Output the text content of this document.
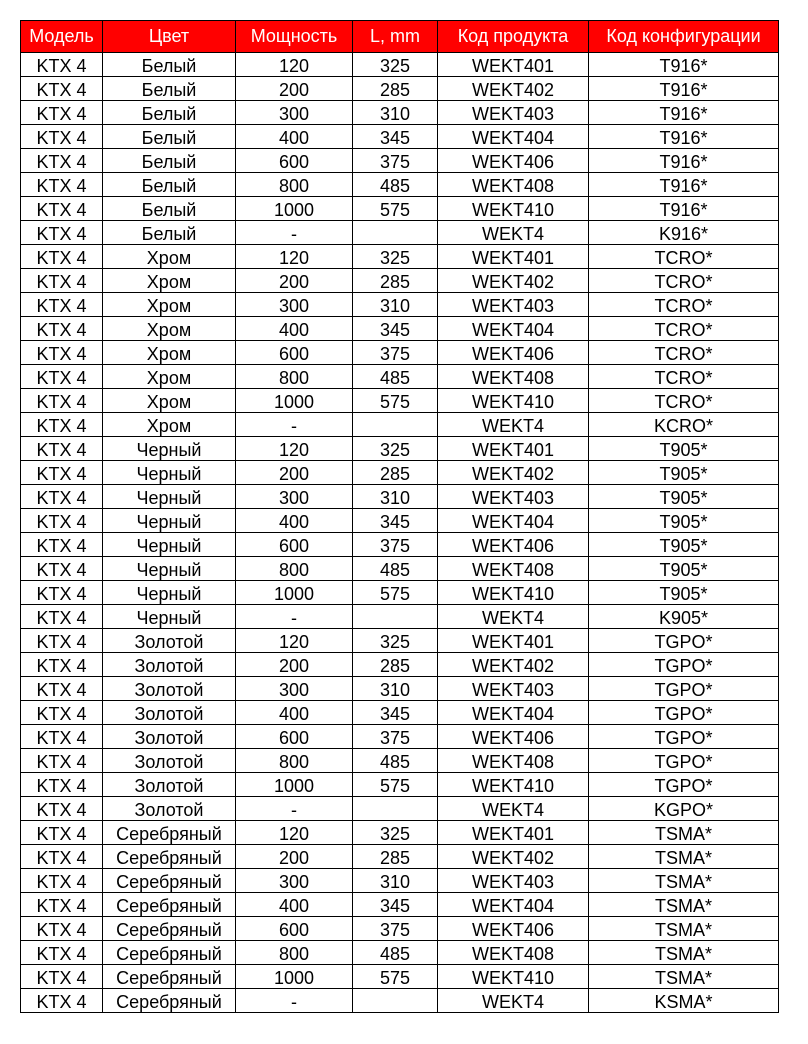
Модель	Цвет	Мощность	L, mm	Код продукта	Код конфигурации
KTX 4	Белый	120	325	WEKT401	T916*
KTX 4	Белый	200	285	WEKT402	T916*
KTX 4	Белый	300	310	WEKT403	T916*
KTX 4	Белый	400	345	WEKT404	T916*
KTX 4	Белый	600	375	WEKT406	T916*
KTX 4	Белый	800	485	WEKT408	T916*
KTX 4	Белый	1000	575	WEKT410	T916*
KTX 4	Белый	-		WEKT4	K916*
KTX 4	Хром	120	325	WEKT401	TCRO*
KTX 4	Хром	200	285	WEKT402	TCRO*
KTX 4	Хром	300	310	WEKT403	TCRO*
KTX 4	Хром	400	345	WEKT404	TCRO*
KTX 4	Хром	600	375	WEKT406	TCRO*
KTX 4	Хром	800	485	WEKT408	TCRO*
KTX 4	Хром	1000	575	WEKT410	TCRO*
KTX 4	Хром	-		WEKT4	KCRO*
KTX 4	Черный	120	325	WEKT401	T905*
KTX 4	Черный	200	285	WEKT402	T905*
KTX 4	Черный	300	310	WEKT403	T905*
KTX 4	Черный	400	345	WEKT404	T905*
KTX 4	Черный	600	375	WEKT406	T905*
KTX 4	Черный	800	485	WEKT408	T905*
KTX 4	Черный	1000	575	WEKT410	T905*
KTX 4	Черный	-		WEKT4	K905*
KTX 4	Золотой	120	325	WEKT401	TGPO*
KTX 4	Золотой	200	285	WEKT402	TGPO*
KTX 4	Золотой	300	310	WEKT403	TGPO*
KTX 4	Золотой	400	345	WEKT404	TGPO*
KTX 4	Золотой	600	375	WEKT406	TGPO*
KTX 4	Золотой	800	485	WEKT408	TGPO*
KTX 4	Золотой	1000	575	WEKT410	TGPO*
KTX 4	Золотой	-		WEKT4	KGPO*
KTX 4	Серебряный	120	325	WEKT401	TSMA*
KTX 4	Серебряный	200	285	WEKT402	TSMA*
KTX 4	Серебряный	300	310	WEKT403	TSMA*
KTX 4	Серебряный	400	345	WEKT404	TSMA*
KTX 4	Серебряный	600	375	WEKT406	TSMA*
KTX 4	Серебряный	800	485	WEKT408	TSMA*
KTX 4	Серебряный	1000	575	WEKT410	TSMA*
KTX 4	Серебряный	-		WEKT4	KSMA*
